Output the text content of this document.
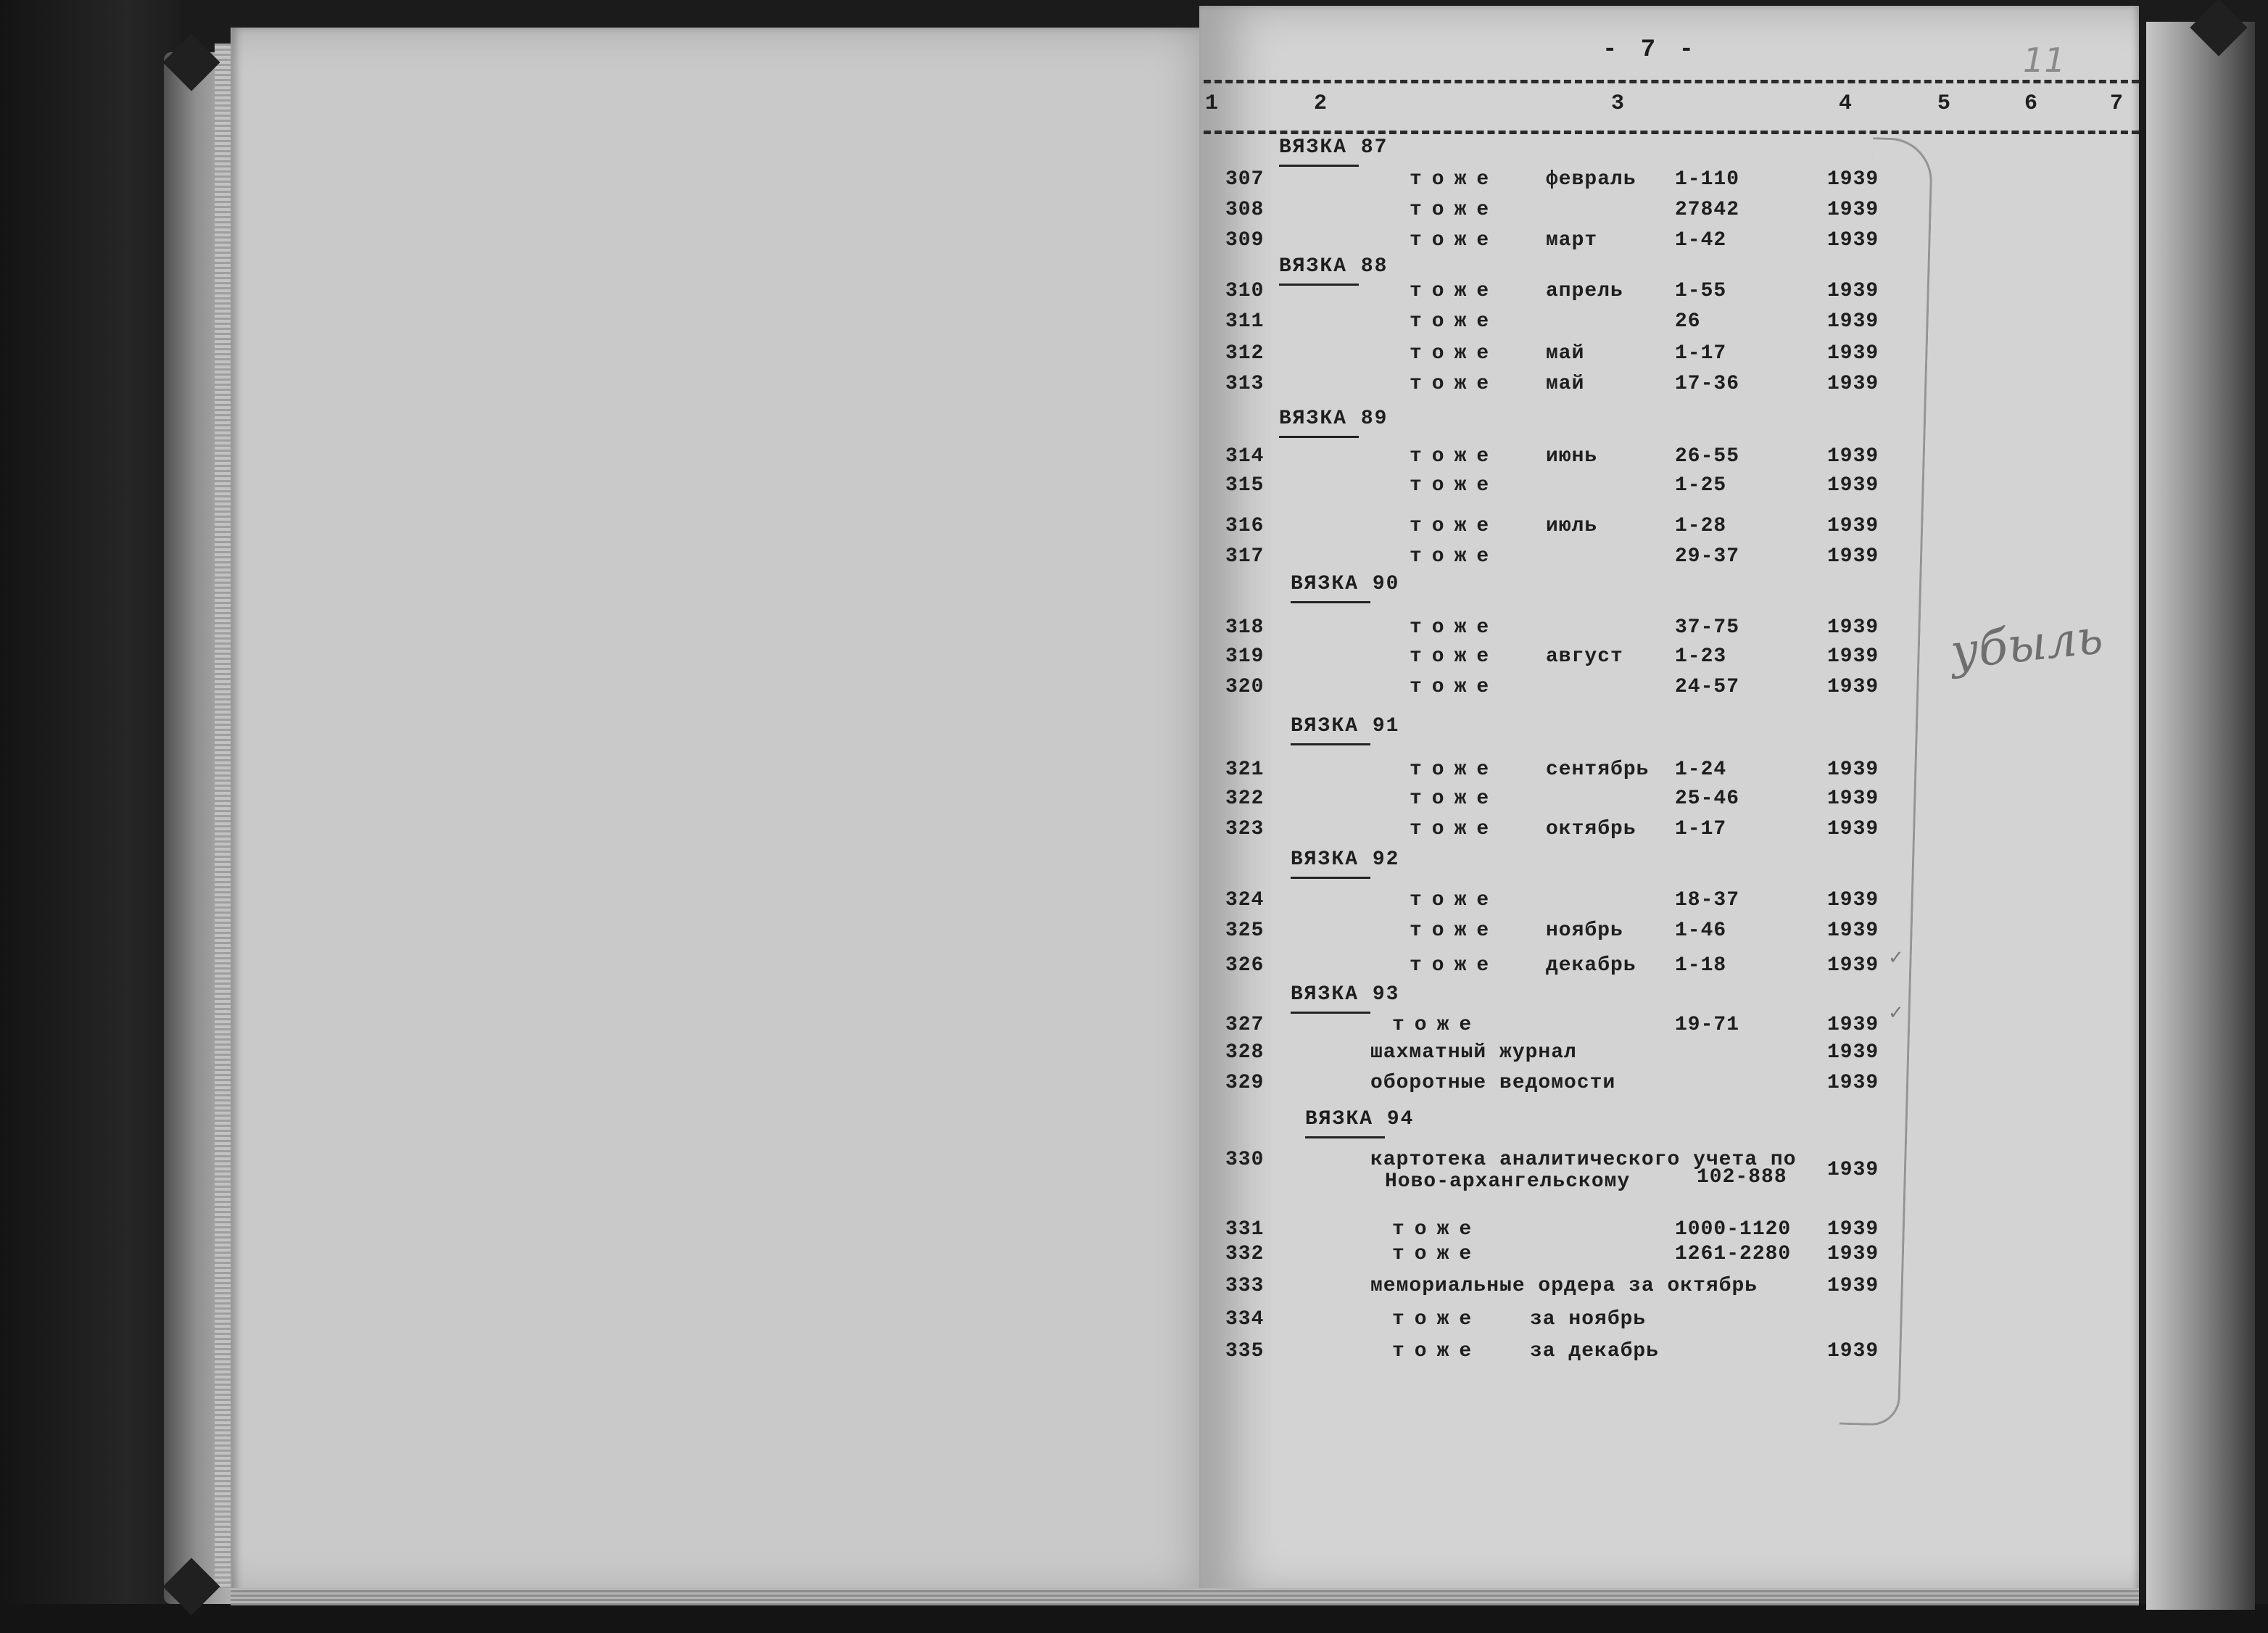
- 7 -	11
1	2	3	4	5	6	7
убыль
ВЯЗКА 87
307	тоже февраль 1-110	1939
308	тоже	27842	1939
309	тоже март	1-42	1939
ВЯЗКА 88
310	тоже апрель	1-55	1939
311	тоже	26	1939
312	тоже май	1-17	1939
313	тоже май	17-36	1939
ВЯЗКА 89
314	тоже июнь	26-55	1939
315	тоже	1-25	1939
316	тоже июль	1-28	1939
317	тоже	29-37	1939
ВЯЗКА 90
318	тоже	37-75	1939
319	тоже август	1-23	1939
320	тоже	24-57	1939
ВЯЗКА 91
321	тоже сентябрь 1-24	1939
322	тоже	25-46	1939
323	тоже октябрь 1-17	1939
ВЯЗКА 92
324	тоже	18-37	1939
325	тоже ноябрь	1-46	1939
326	тоже декабрь 1-18	1939
ВЯЗКА 93
327	тоже	19-71	1939
328	шахматный журнал	1939
329	оборотные ведомости	1939
ВЯЗКА 94
330	картотека аналитического учета по
Ново-архангельскому	102-888 1939
331	тоже	1000-1120 1939
332	тоже	1261-2280 1939
333	мемориальные ордера за октябрь	1939
334	тоже за ноябрь
335	тоже за декабрь	1939
✓
✓
